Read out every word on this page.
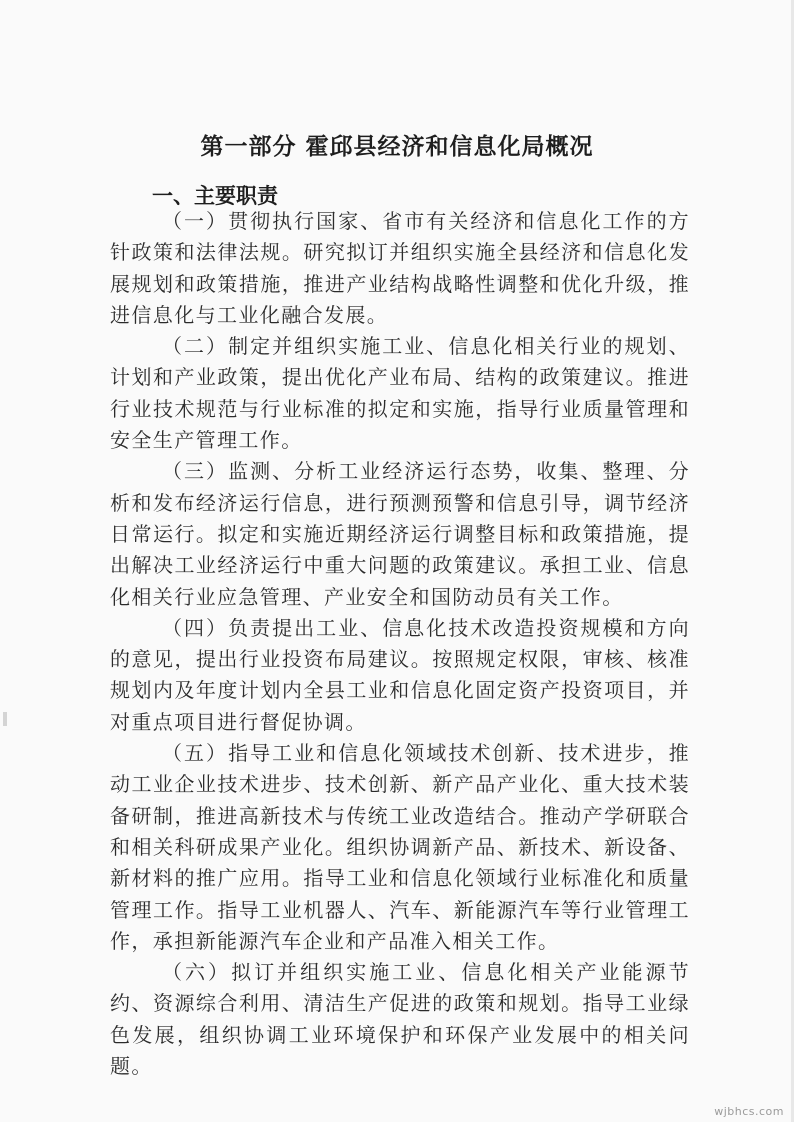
第一部分 霍邱县经济和信息化局概况
一、主要职责

（一）贯彻执行国家、省市有关经济和信息化工作的方针政策和法律法规。研究拟订并组织实施全县经济和信息化发展规划和政策措施，推进产业结构战略性调整和优化升级，推进信息化与工业化融合发展。

（二）制定并组织实施工业、信息化相关行业的规划、计划和产业政策，提出优化产业布局、结构的政策建议。推进行业技术规范与行业标准的拟定和实施，指导行业质量管理和安全生产管理工作。

（三）监测、分析工业经济运行态势，收集、整理、分析和发布经济运行信息，进行预测预警和信息引导，调节经济日常运行。拟定和实施近期经济运行调整目标和政策措施，提出解决工业经济运行中重大问题的政策建议。承担工业、信息化相关行业应急管理、产业安全和国防动员有关工作。

（四）负责提出工业、信息化技术改造投资规模和方向的意见，提出行业投资布局建议。按照规定权限，审核、核准规划内及年度计划内全县工业和信息化固定资产投资项目，并对重点项目进行督促协调。

（五）指导工业和信息化领域技术创新、技术进步，推动工业企业技术进步、技术创新、新产品产业化、重大技术装备研制，推进高新技术与传统工业改造结合。推动产学研联合和相关科研成果产业化。组织协调新产品、新技术、新设备、新材料的推广应用。指导工业和信息化领域行业标准化和质量管理工作。指导工业机器人、汽车、新能源汽车等行业管理工作，承担新能源汽车企业和产品准入相关工作。

（六）拟订并组织实施工业、信息化相关产业能源节约、资源综合利用、清洁生产促进的政策和规划。指导工业绿色发展，组织协调工业环境保护和环保产业发展中的相关问题。

wjbhcs.com
